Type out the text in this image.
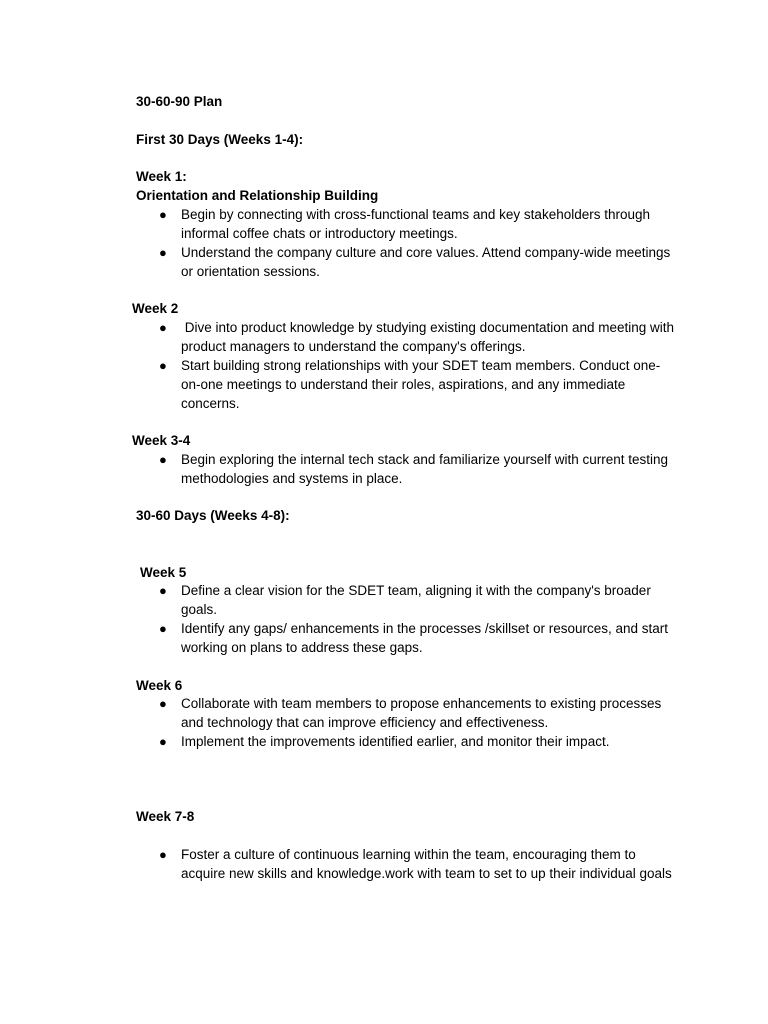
30-60-90 Plan
First 30 Days (Weeks 1-4):
Week 1:
Orientation and Relationship Building
● Begin by connecting with cross-functional teams and key stakeholders through informal coffee chats or introductory meetings.
● Understand the company culture and core values. Attend company-wide meetings or orientation sessions.
Week 2
● Dive into product knowledge by studying existing documentation and meeting with product managers to understand the company's offerings.
● Start building strong relationships with your SDET team members. Conduct one-on-one meetings to understand their roles, aspirations, and any immediate concerns.
Week 3-4
● Begin exploring the internal tech stack and familiarize yourself with current testing methodologies and systems in place.
30-60 Days (Weeks 4-8):
Week 5
● Define a clear vision for the SDET team, aligning it with the company's broader goals.
● Identify any gaps/ enhancements in the processes /skillset or resources, and start working on plans to address these gaps.
Week 6
● Collaborate with team members to propose enhancements to existing processes and technology that can improve efficiency and effectiveness.
● Implement the improvements identified earlier, and monitor their impact.
Week 7-8
● Foster a culture of continuous learning within the team, encouraging them to acquire new skills and knowledge.work with team to set to up their individual goals
